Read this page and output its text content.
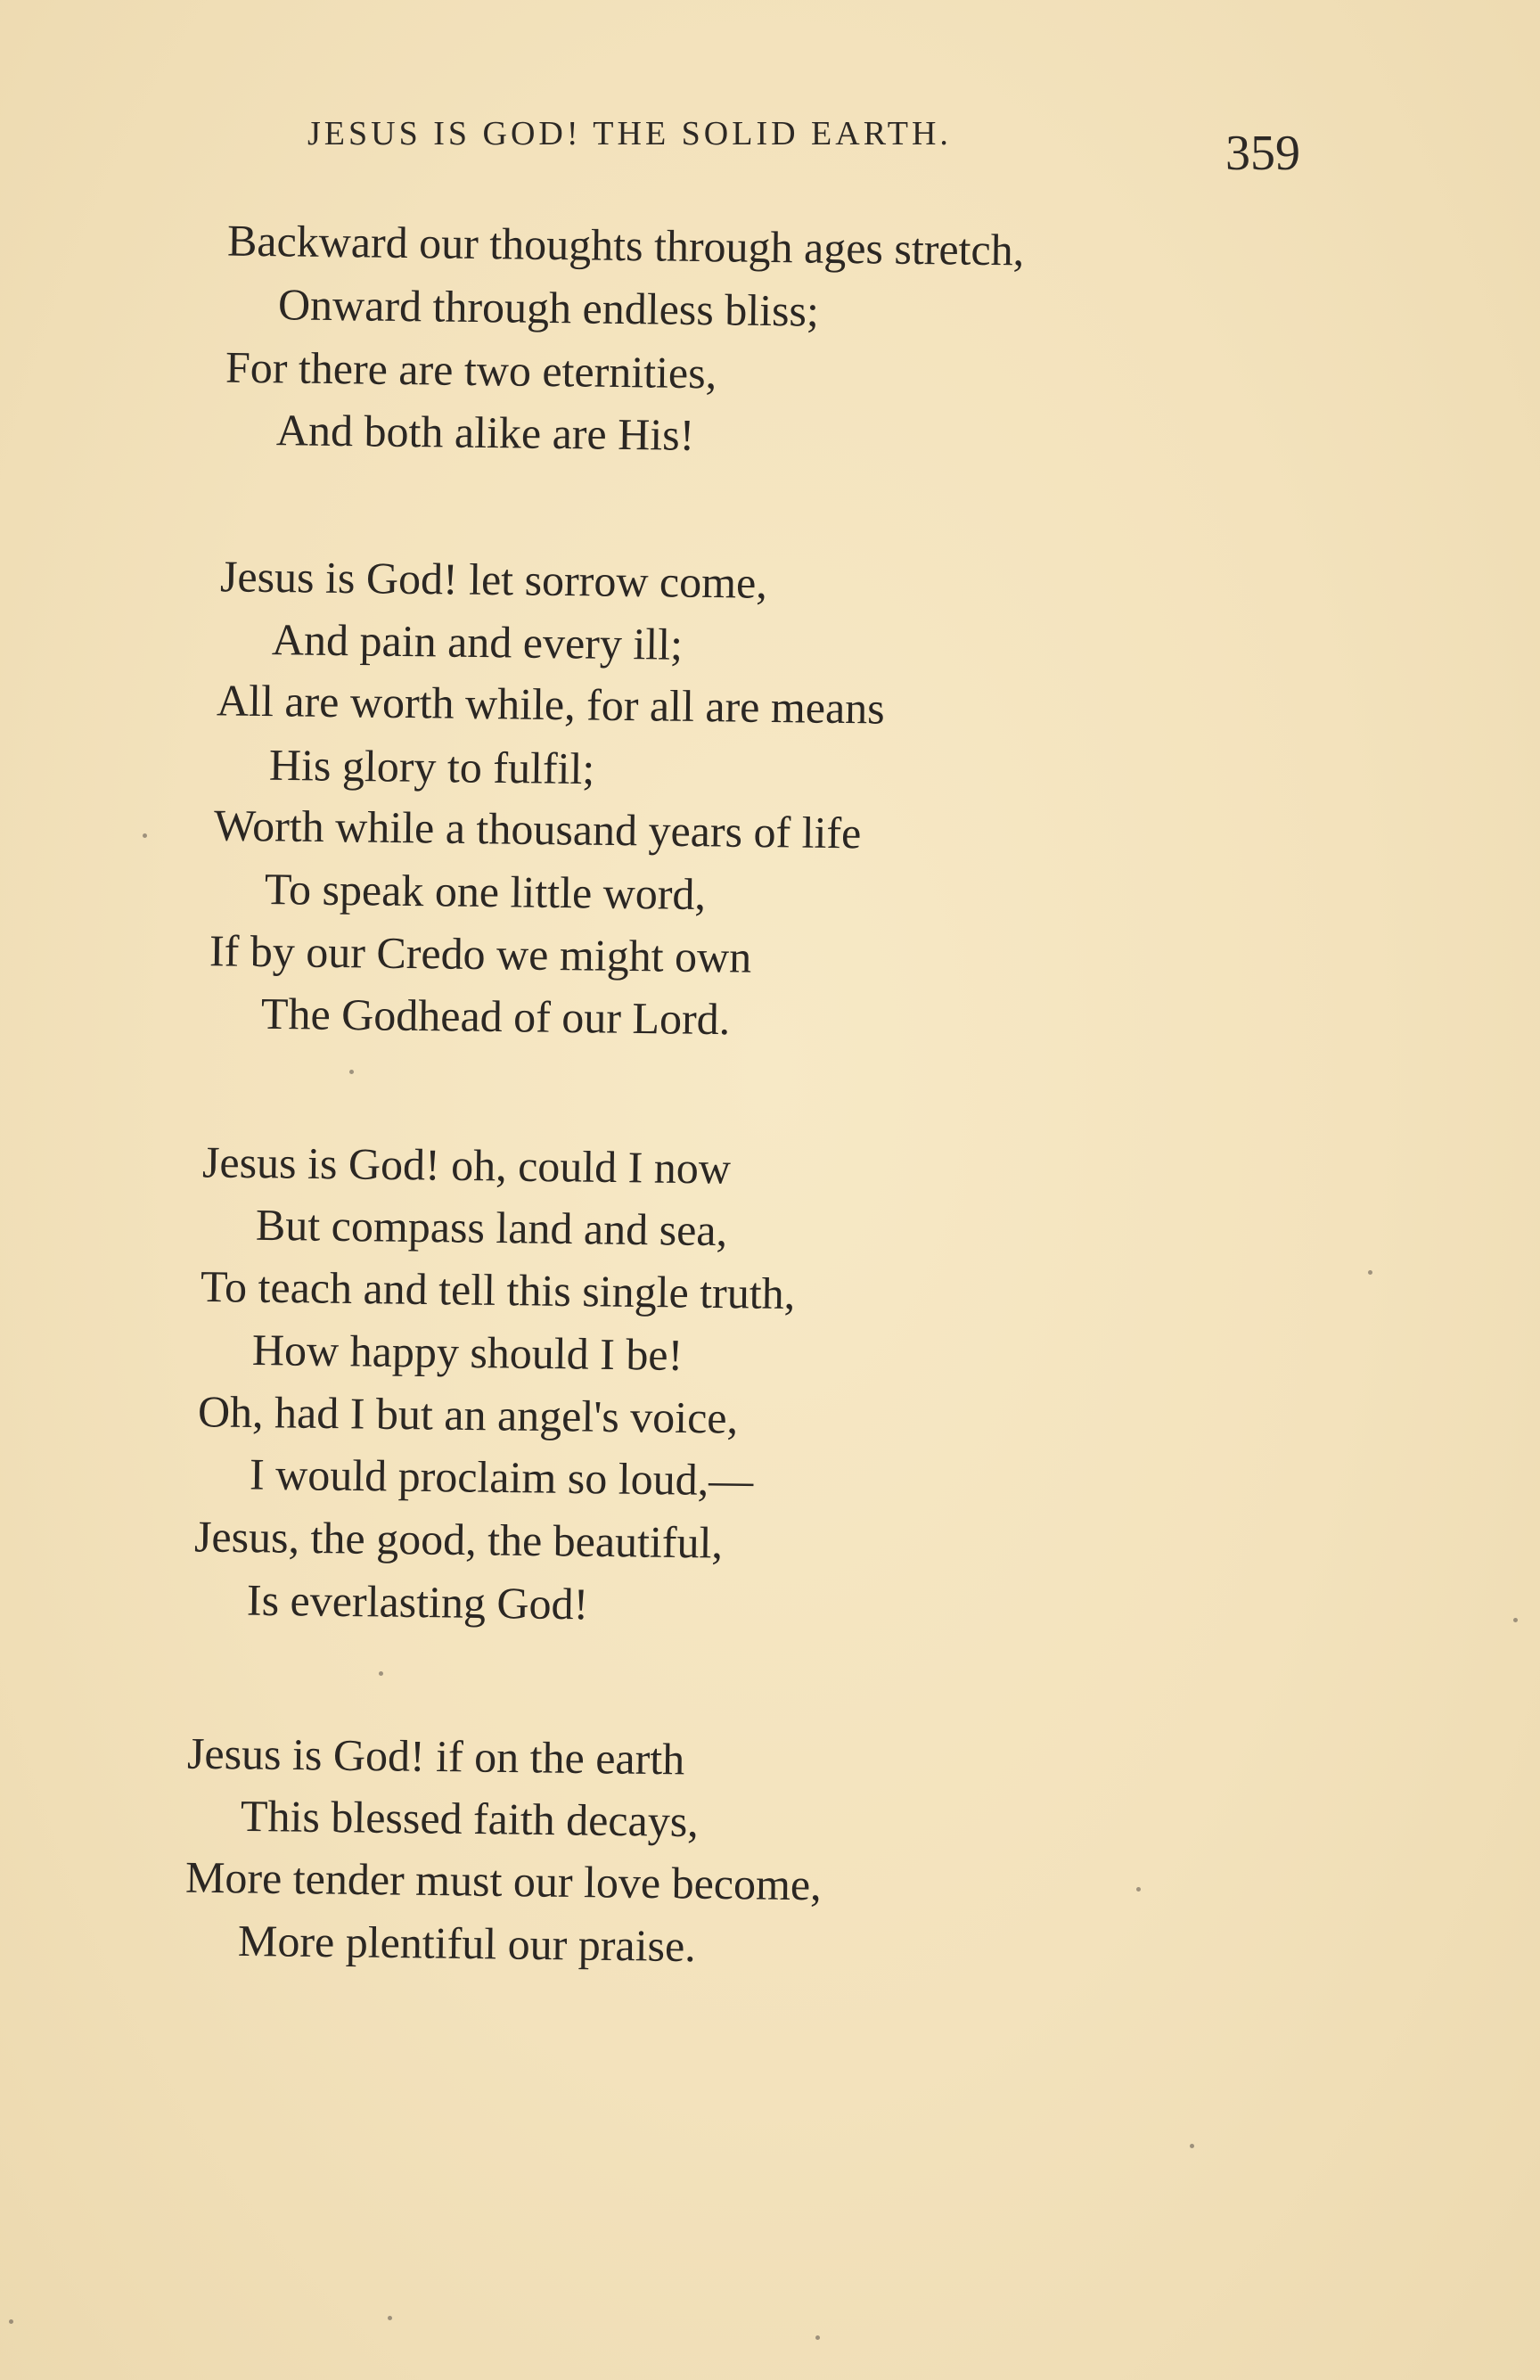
JESUS IS GOD! THE SOLID EARTH.	359
Backward our thoughts through ages stretch,
Onward through endless bliss;
For there are two eternities,
And both alike are His!
Jesus is God! let sorrow come,
And pain and every ill;
All are worth while, for all are means
His glory to fulfil;
Worth while a thousand years of life
To speak one little word,
If by our Credo we might own
The Godhead of our Lord.
Jesus is God! oh, could I now
But compass land and sea,
To teach and tell this single truth,
How happy should I be!
Oh, had I but an angel's voice,
I would proclaim so loud,—
Jesus, the good, the beautiful,
Is everlasting God!
Jesus is God! if on the earth
This blessed faith decays,
More tender must our love become,
More plentiful our praise.
